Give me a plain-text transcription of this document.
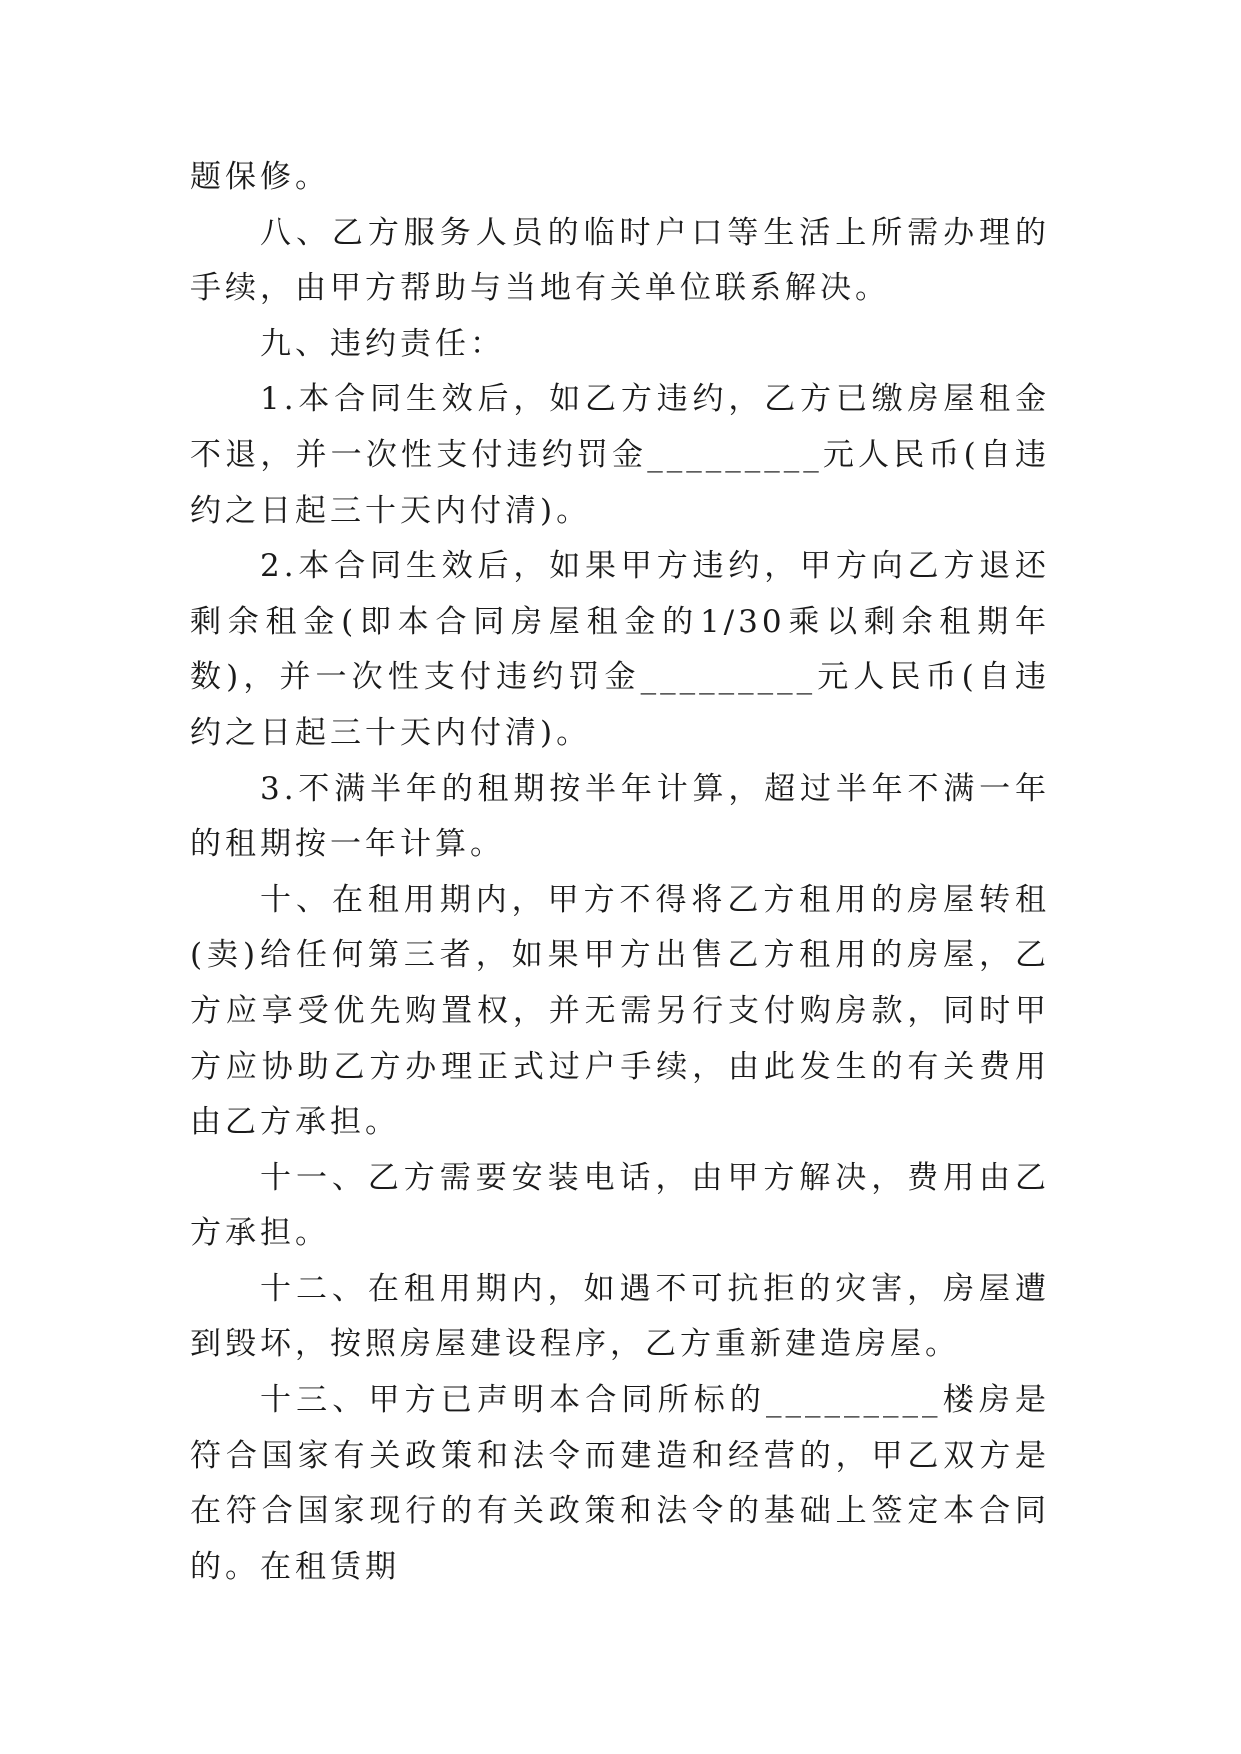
题保修。

八、乙方服务人员的临时户口等生活上所需办理的手续，由甲方帮助与当地有关单位联系解决。

九、违约责任：

1.本合同生效后，如乙方违约，乙方已缴房屋租金不退，并一次性支付违约罚金_________元人民币(自违约之日起三十天内付清)。

2.本合同生效后，如果甲方违约，甲方向乙方退还剩余租金(即本合同房屋租金的1/30乘以剩余租期年数)，并一次性支付违约罚金_________元人民币(自违约之日起三十天内付清)。

3.不满半年的租期按半年计算，超过半年不满一年的租期按一年计算。

十、在租用期内，甲方不得将乙方租用的房屋转租(卖)给任何第三者，如果甲方出售乙方租用的房屋，乙方应享受优先购置权，并无需另行支付购房款，同时甲方应协助乙方办理正式过户手续，由此发生的有关费用由乙方承担。

十一、乙方需要安装电话，由甲方解决，费用由乙方承担。

十二、在租用期内，如遇不可抗拒的灾害，房屋遭到毁坏，按照房屋建设程序，乙方重新建造房屋。

十三、甲方已声明本合同所标的_________楼房是符合国家有关政策和法令而建造和经营的，甲乙双方是在符合国家现行的有关政策和法令的基础上签定本合同的。在租赁期
